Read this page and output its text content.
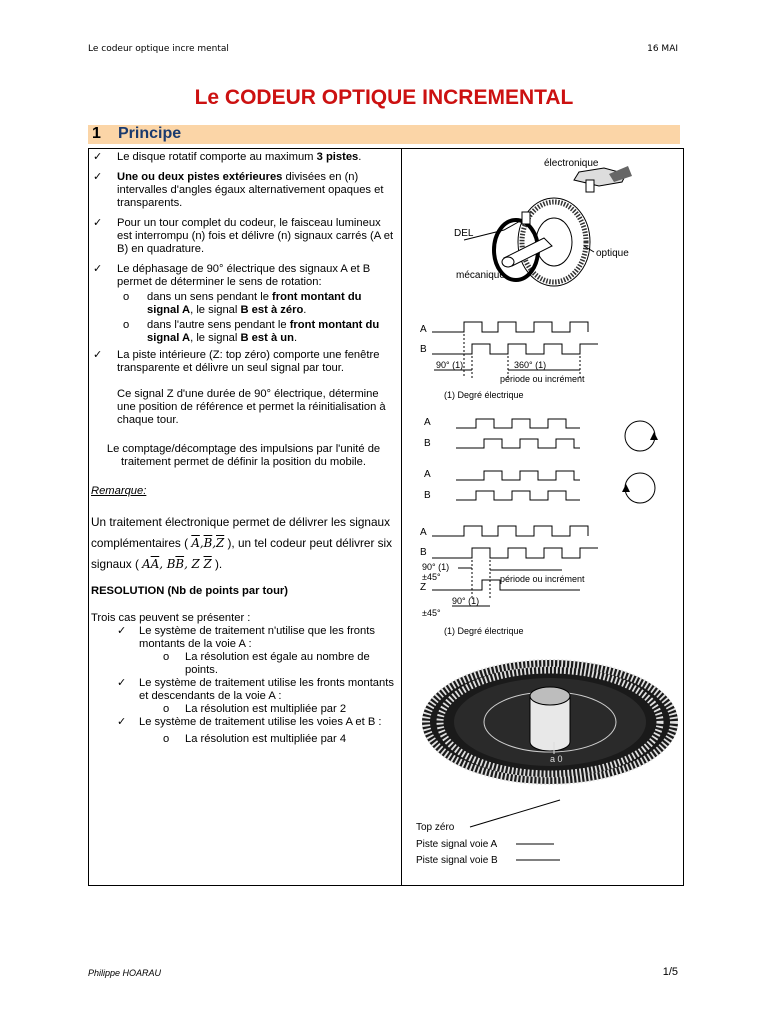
Le codeur optique incre mental	16 MAI
Le CODEUR OPTIQUE INCREMENTAL
1 Principe
✓ Le disque rotatif comporte au maximum 3 pistes.
✓ Une ou deux pistes extérieures divisées en (n) intervalles d'angles égaux alternativement opaques et transparents.
✓ Pour un tour complet du codeur, le faisceau lumineux est interrompu (n) fois et délivre (n) signaux carrés (A et B) en quadrature.
✓ Le déphasage de 90° électrique des signaux A et B permet de déterminer le sens de rotation:
o dans un sens pendant le front montant du signal A, le signal B est à zéro.
o dans l'autre sens pendant le front montant du signal A, le signal B est à un.
✓ La piste intérieure (Z: top zéro) comporte une fenêtre transparente et délivre un seul signal par tour.
Ce signal Z d'une durée de 90° électrique, détermine une position de référence et permet la réinitialisation à chaque tour.
Le comptage/décomptage des impulsions par l'unité de traitement permet de définir la position du mobile.
Remarque:
Un traitement électronique permet de délivrer les signaux complémentaires ( $\overline{A},\overline{B},\overline{Z}$ ), un tel codeur peut délivrer six signaux ( $A\overline{A}$, $B\overline{B}$, Z $\overline{Z}$ ).
RESOLUTION (Nb de points par tour)
Trois cas peuvent se présenter :
✓ Le système de traitement n'utilise que les fronts montants de la voie A :
o La résolution est égale au nombre de points.
✓ Le système de traitement utilise les fronts montants et descendants de la voie A :
o La résolution est multipliée par 2
✓ Le système de traitement utilise les voies A et B :
o La résolution est multipliée par 4
électronique
DEL
optique
mécanique
A
B
90° (1)	360° (1)
période ou incrément
(1) Degré électrique
A
B
A
B
A
B
90° (1)
±45°	période ou incrément
Z
90° (1)
±45°
(1) Degré électrique
a 0
Top zéro
Piste signal voie A
Piste signal voie B
Philippe HOARAU	1/5
